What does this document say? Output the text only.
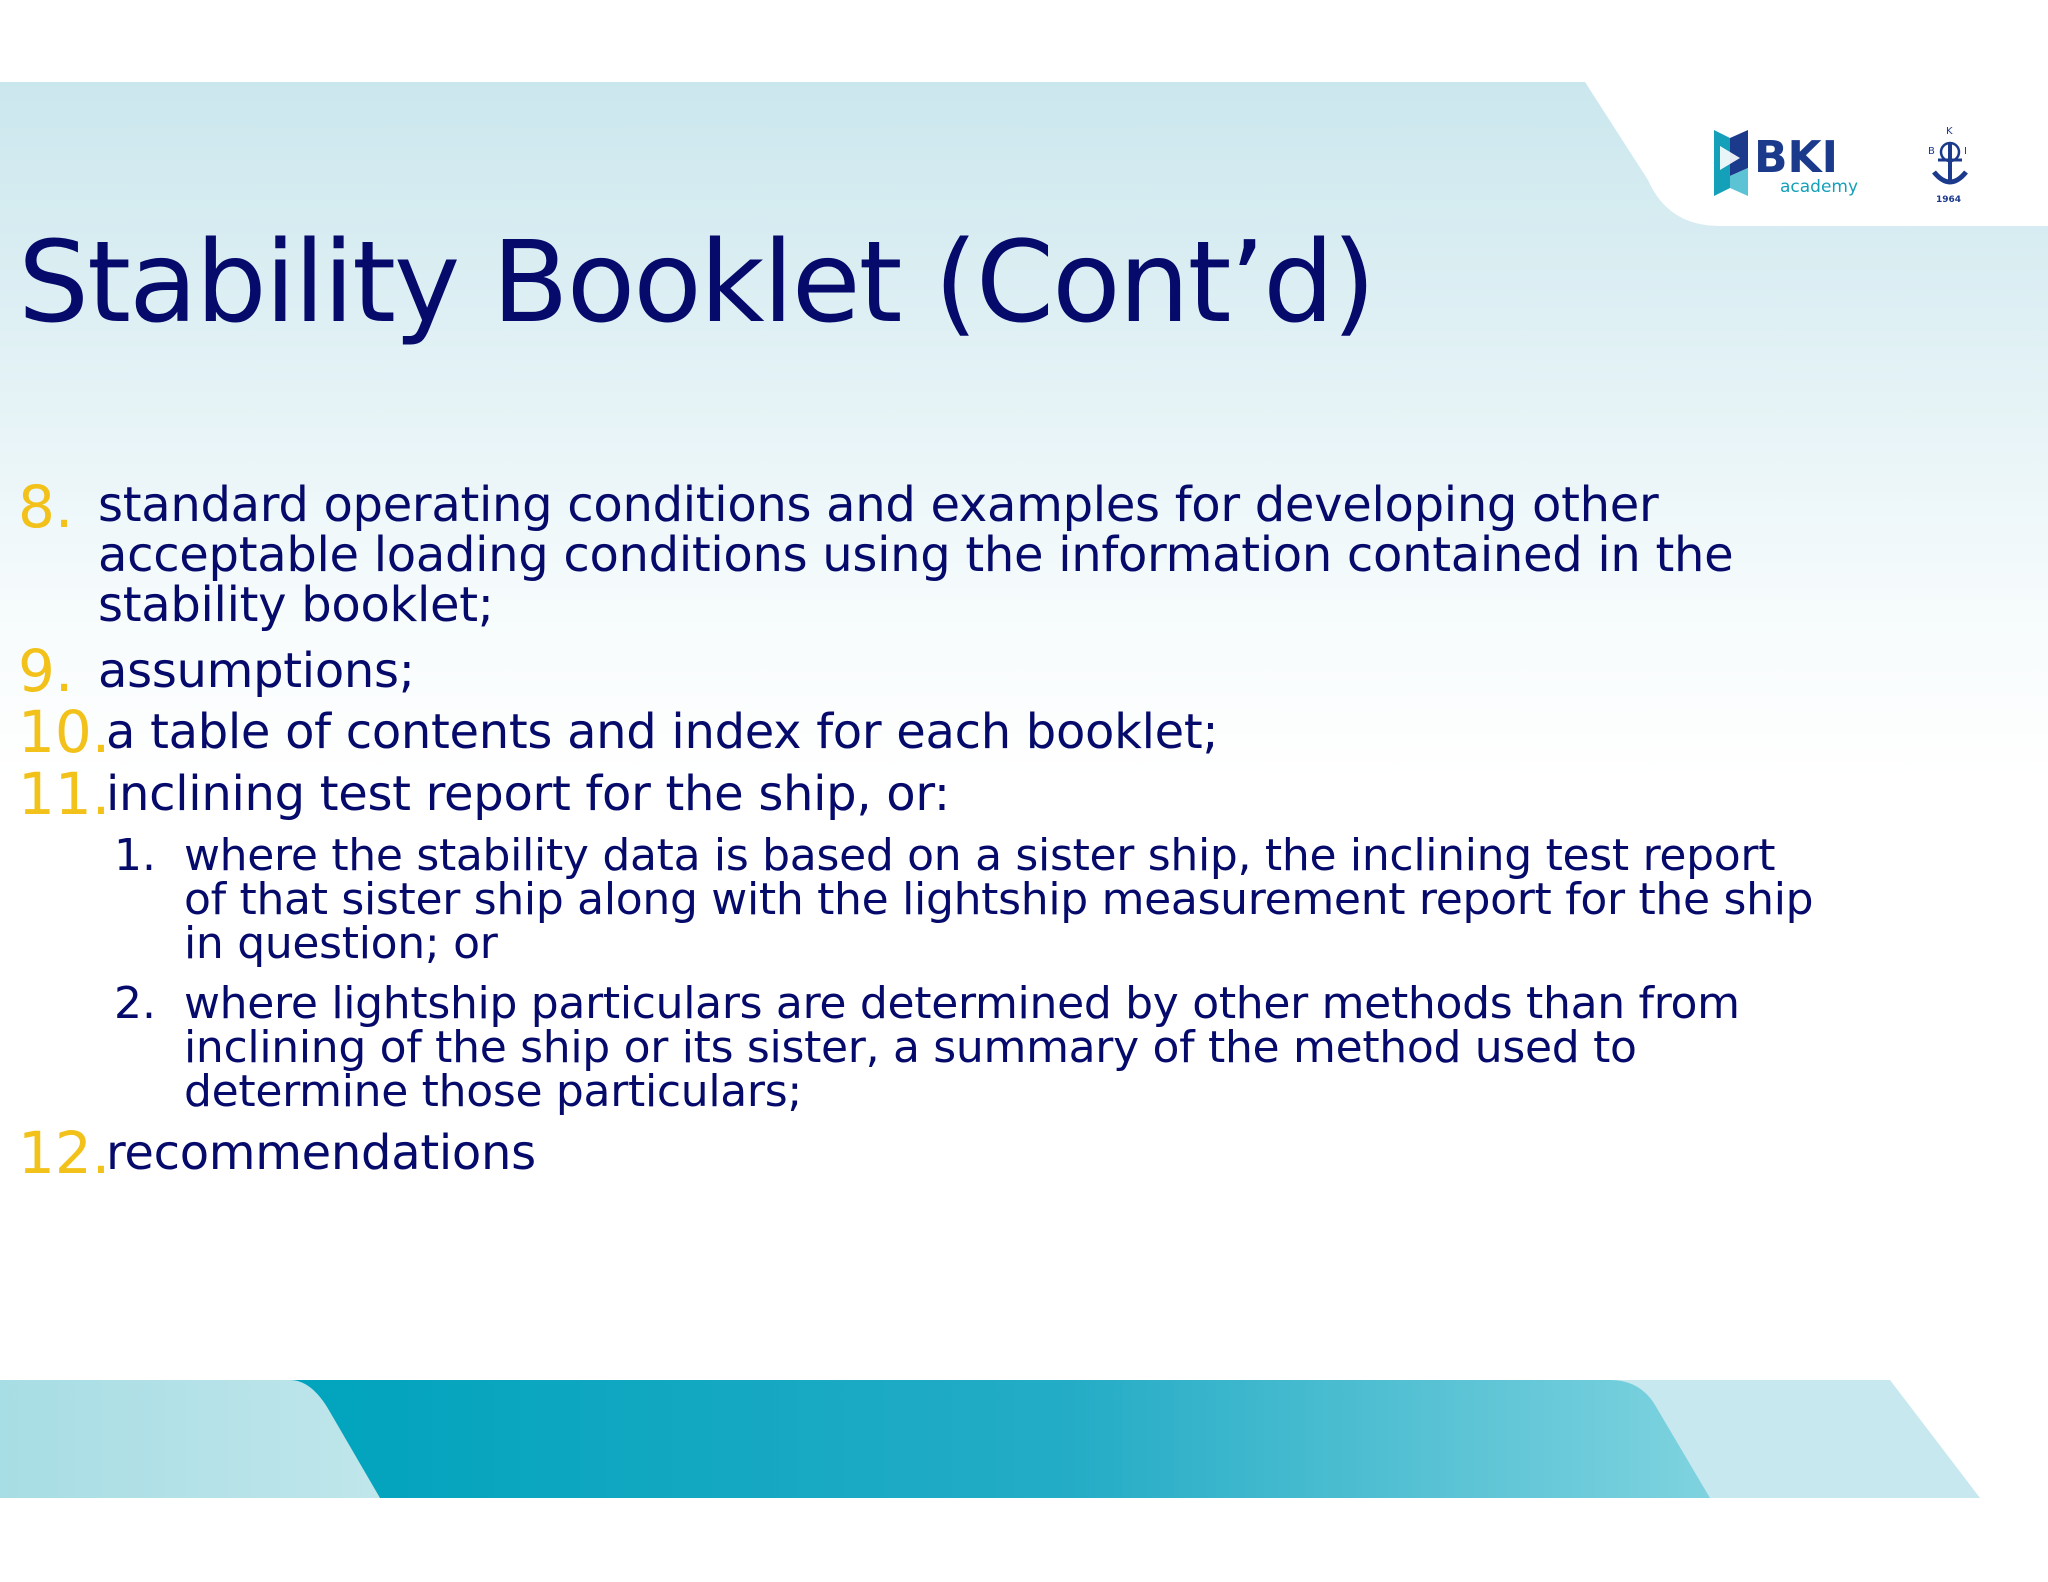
BKI
academy
K
B	I
1964
Stability Booklet (Cont’d)
8. standard operating conditions and examples for developing other acceptable loading conditions using the information contained in the stability booklet;
9. assumptions;
10.
a table of contents and index for each booklet;
11.
inclining test report for the ship, or:
1. where the stability data is based on a sister ship, the inclining test report of that sister ship along with the lightship measurement report for the ship in question; or
2. where lightship particulars are determined by other methods than from inclining of the ship or its sister, a summary of the method used to determine those particulars;
12.
recommendations
